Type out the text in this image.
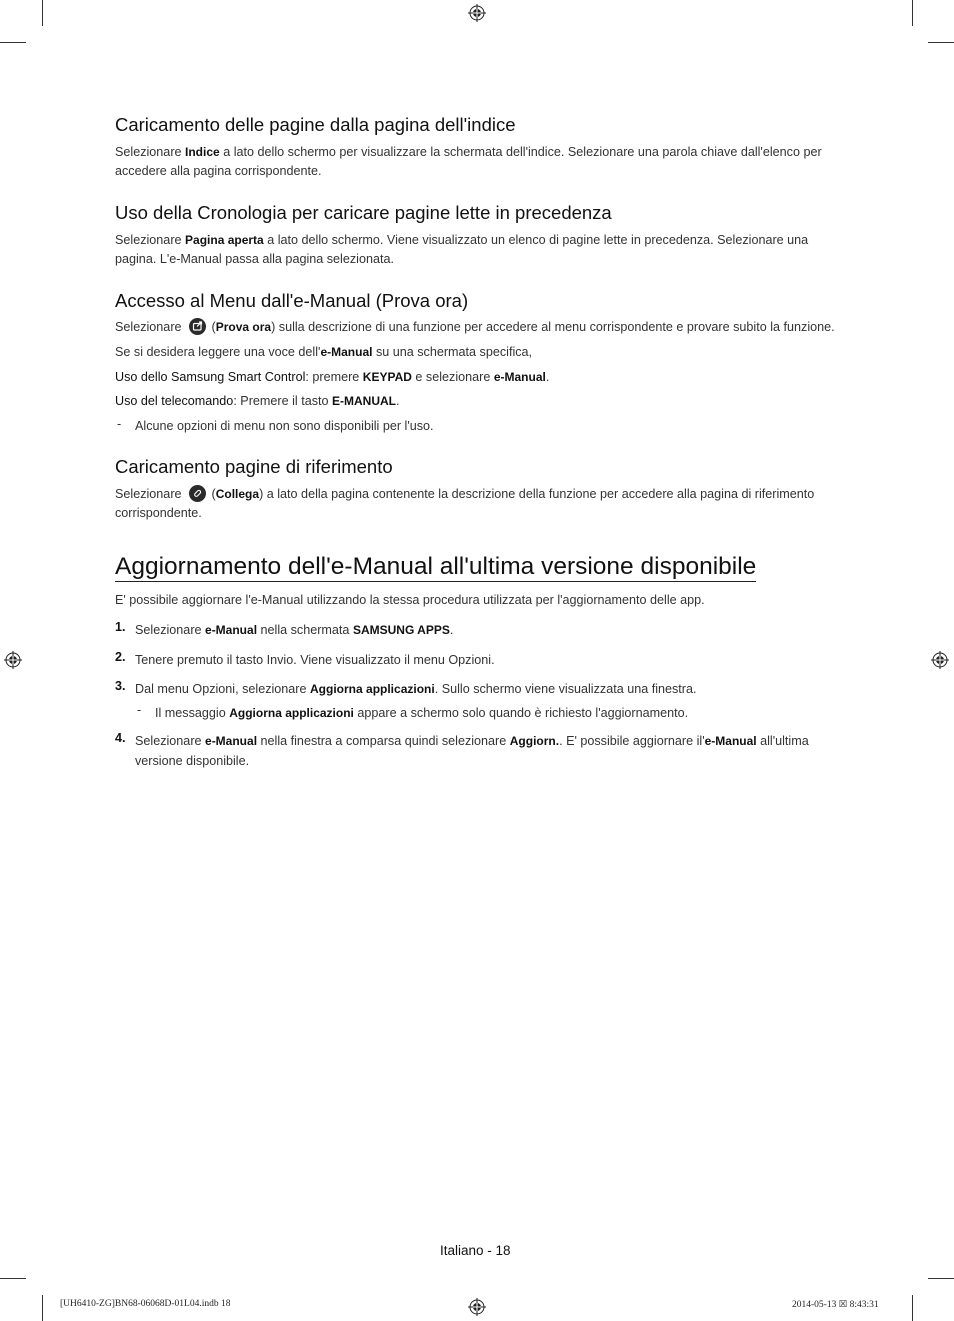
Caricamento delle pagine dalla pagina dell'indice

Selezionare Indice a lato dello schermo per visualizzare la schermata dell'indice. Selezionare una parola chiave dall'elenco per accedere alla pagina corrispondente.

Uso della Cronologia per caricare pagine lette in precedenza

Selezionare Pagina aperta a lato dello schermo. Viene visualizzato un elenco di pagine lette in precedenza. Selezionare una pagina. L'e-Manual passa alla pagina selezionata.

Accesso al Menu dall'e-Manual (Prova ora)

Selezionare
(Prova ora) sulla descrizione di una funzione per accedere al menu corrispondente e provare subito la funzione.

Se si desidera leggere una voce dell'e-Manual su una schermata specifica,

Uso dello Samsung Smart Control: premere KEYPAD e selezionare e-Manual.

Uso del telecomando: Premere il tasto E-MANUAL.

- Alcune opzioni di menu non sono disponibili per l'uso.

Caricamento pagine di riferimento

Selezionare
(Collega) a lato della pagina contenente la descrizione della funzione per accedere alla pagina di riferimento corrispondente.

Aggiornamento dell'e-Manual all'ultima versione disponibile

E' possibile aggiornare l'e-Manual utilizzando la stessa procedura utilizzata per l'aggiornamento delle app.

1. Selezionare e-Manual nella schermata SAMSUNG APPS.

2. Tenere premuto il tasto Invio. Viene visualizzato il menu Opzioni.

3. Dal menu Opzioni, selezionare Aggiorna applicazioni. Sullo schermo viene visualizzata una finestra.

- Il messaggio Aggiorna applicazioni appare a schermo solo quando è richiesto l'aggiornamento.

4. Selezionare e-Manual nella finestra a comparsa quindi selezionare Aggiorn.. E' possibile aggiornare il'e-Manual all'ultima versione disponibile.

Italiano - 18
[UH6410-ZG]BN68-06068D-01L04.indb 18	2014-05-13 ☒ 8:43:31
